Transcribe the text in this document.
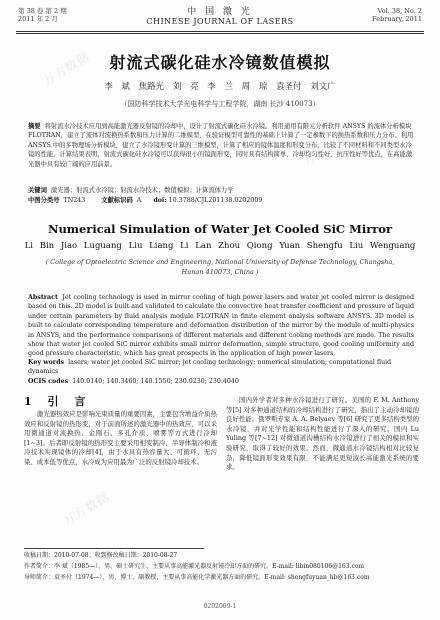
第 38 卷 第 2 期
2011 年 2 月
中 国 激 光
CHINESE JOURNAL OF LASERS
Vol. 38, No. 2
February, 2011
射流式碳化硅水冷镜数值模拟
李 斌 焦路光 刘 亮 李 兰 周 琼 袁圣付 刘文广
（国防科学技术大学光电科学与工程学院，湖南 长沙 410073）
摘要 将射流水冷技术应用到高能激光器反射镜的冷却中，设计了射流式碳化硅水冷镜。利用通用有限元分析软件 ANSYS 的流体分析模块 FLOTRAN，建立了流体对流换热系数和压力计算的二维模型，在验证模型可靠性的基础上计算了一定参数下的换热系数和压力分布。利用 ANSYS 中的多物理场分析模块，建立了水冷镜形变计算的三维模型，计算了相应的镜体温度和形变分布，比较了不同材料和不同类型水冷镜的性能。计算结果表明，射流式碳化硅水冷镜可以获得很小的镜面形变，同时具有结构简单、冷却均匀性好、抗压性好等优点，在高能激光器中具有较广阔的应用前景。
关键词 激光器；射流式水冷镜；射流水冷技术；数值模拟；计算流体力学
中图分类号 TN243	文献标识码 A doi: 10.3788/CJL201138.0202009
Numerical Simulation of Water Jet Cooled SiC Mirror
Li Bin Jiao Luguang Liu Liang Li Lan Zhou Qiong Yuan Shengfu Liu Wenguang
( College of Optoelectric Science and Engineering, National University of Defense Technology, Changsha, Hunan 410073, China )
Abstract Jet cooling technology is used in mirror cooling of high power lasers and water jet cooled mirror is designed based on this. 2D model is built and validated to calculate the convective heat transfer coefficient and pressure of liquid under certain parameters by fluid analysis module FLOTRAN in finite element analysis software ANSYS. 3D model is built to calculate corresponding temperature and deformation distribution of the mirror by the module of multi-physics in ANSYS, and the performance comparisons of different materials and different cooling methods are made. The results show that water jet cooled SiC mirror exhibits small mirror deformation, simple structure, good cooling uniformity and good pressure characteristic, which has great prospects in the application of high power lasers.
Key words lasers; water jet cooled SiC mirror; jet cooling technology; numerical simulation; computational fluid dynamics
OCIS codes 140.0140; 140.3460; 140.1550; 230.0230; 230.4040
1 引 言

激光器热效应是影响光束质量的重要因素，主要包含增益介质热效应和反射镜的热形变，对于前面所述的激光器中的热效应，可以采用微通道对流换热、金刚石、多孔介质、喷雾等方式进行冷却[1~3]。后者即反射镜的热形变主要采用相变制冷、半导体制冷和液冷技术实现镜体的冷却[4]，由于水具有热容量大、可循环、无污染、成本低等优点，水冷成为应用最为广泛的反射镜冷却技术。

国内外学者对多种水冷镜进行了研究。美国的 F. M. Anthony 等[5] 对多种通道结构的冷却结构进行了研究，指出了主动冷却镜的良好性能。俄罗斯专家 A. A. Belyaev 等[6] 研究了更多结构类型的水冷镜，并对光学性能和结构性能进行了深入的研究。国内 Lu Yuling 等[7~12] 对微通道沟槽结构水冷镜进行了相关的模拟和实验研究，取得了较好的效果。然而，微通道水冷镜结构相对比较复杂，降低镜面形变效果有限，不能满足更短波长高能激光系统的要求。

收稿日期：2010-07-08；收到修改稿日期：2010-08-27
作者简介：李 斌（1985—），男，硕士研究生，主要从事高能激光器反射镜冷却方面的研究。E-mail: libin080106@163.com
导师简介：袁圣付（1974—），男，博士，副教授，主要从事高能化学激光器方面的研究。E-mail: shengfuyuan_hb@163.com
0202009-1
万方数据
万方数据
万方数据
万方数据
万方数据
